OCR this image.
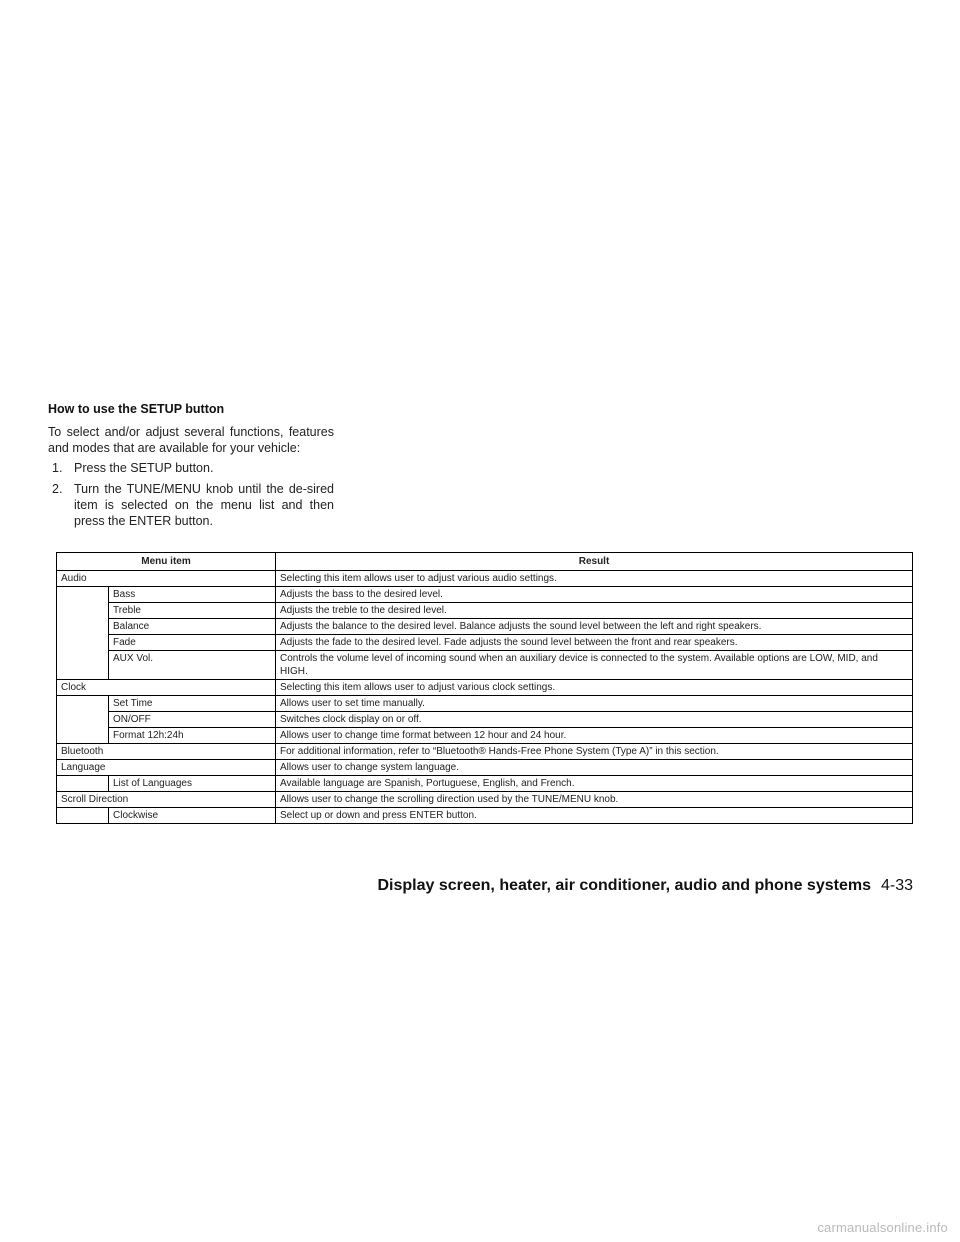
How to use the SETUP button

To select and/or adjust several functions, features and modes that are available for your vehicle:

1. Press the SETUP button.
2. Turn the TUNE/MENU knob until the de-sired item is selected on the menu list and then press the ENTER button.
Menu item		Result
Audio		Selecting this item allows user to adjust various audio settings.
	Bass	Adjusts the bass to the desired level.
	Treble	Adjusts the treble to the desired level.
	Balance	Adjusts the balance to the desired level. Balance adjusts the sound level between the left and right speakers.
	Fade	Adjusts the fade to the desired level. Fade adjusts the sound level between the front and rear speakers.
	AUX Vol.	Controls the volume level of incoming sound when an auxiliary device is connected to the system. Available options are LOW, MID, and HIGH.
Clock		Selecting this item allows user to adjust various clock settings.
	Set Time	Allows user to set time manually.
	ON/OFF	Switches clock display on or off.
	Format 12h:24h	Allows user to change time format between 12 hour and 24 hour.
Bluetooth		For additional information, refer to “Bluetooth® Hands-Free Phone System (Type A)” in this section.
Language		Allows user to change system language.
	List of Languages	Available language are Spanish, Portuguese, English, and French.
Scroll Direction		Allows user to change the scrolling direction used by the TUNE/MENU knob.
	Clockwise	Select up or down and press ENTER button.
Display screen, heater, air conditioner, audio and phone systems 4-33
carmanualsonline.info
